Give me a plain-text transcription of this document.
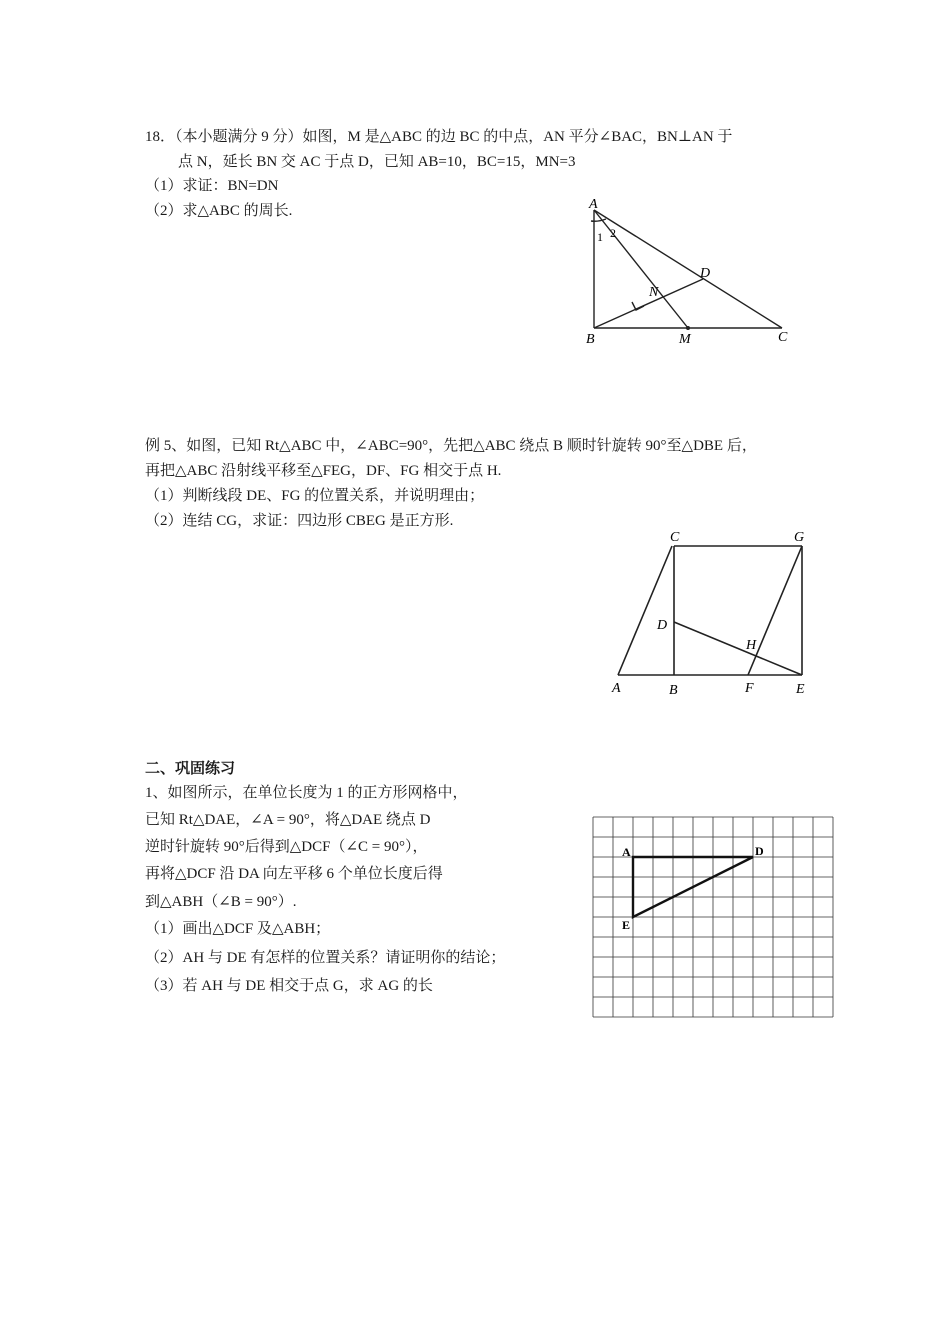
18．（本小题满分 9 分）如图，M 是△ABC 的边 BC 的中点，AN 平分∠BAC，BN⊥AN 于
点 N，延长 BN 交 AC 于点 D，已知 AB=10，BC=15，MN=3
（1）求证：BN=DN
（2）求△ABC 的周长.	A
B	C
D
N
M
1 2
例 5、如图，已知 Rt△ABC 中，∠ABC=90°，先把△ABC 绕点 B 顺时针旋转 90°至△DBE 后，
再把△ABC 沿射线平移至△FEG，DF、FG 相交于点 H.
（1）判断线段 DE、FG 的位置关系，并说明理由；
（2）连结 CG，求证：四边形 CBEG 是正方形.
C	G
D
H
A	B	F	E
二、巩固练习
1、如图所示，在单位长度为 1 的正方形网格中，
已知 Rt△DAE，∠A = 90°，将△DAE 绕点 D
逆时针旋转 90°后得到△DCF（∠C = 90°），
再将△DCF 沿 DA 向左平移 6 个单位长度后得
到△ABH（∠B = 90°）.
（1）画出△DCF 及△ABH；
（2）AH 与 DE 有怎样的位置关系？请证明你的结论；
（3）若 AH 与 DE 相交于点 G，求 AG 的长
A	D
E
